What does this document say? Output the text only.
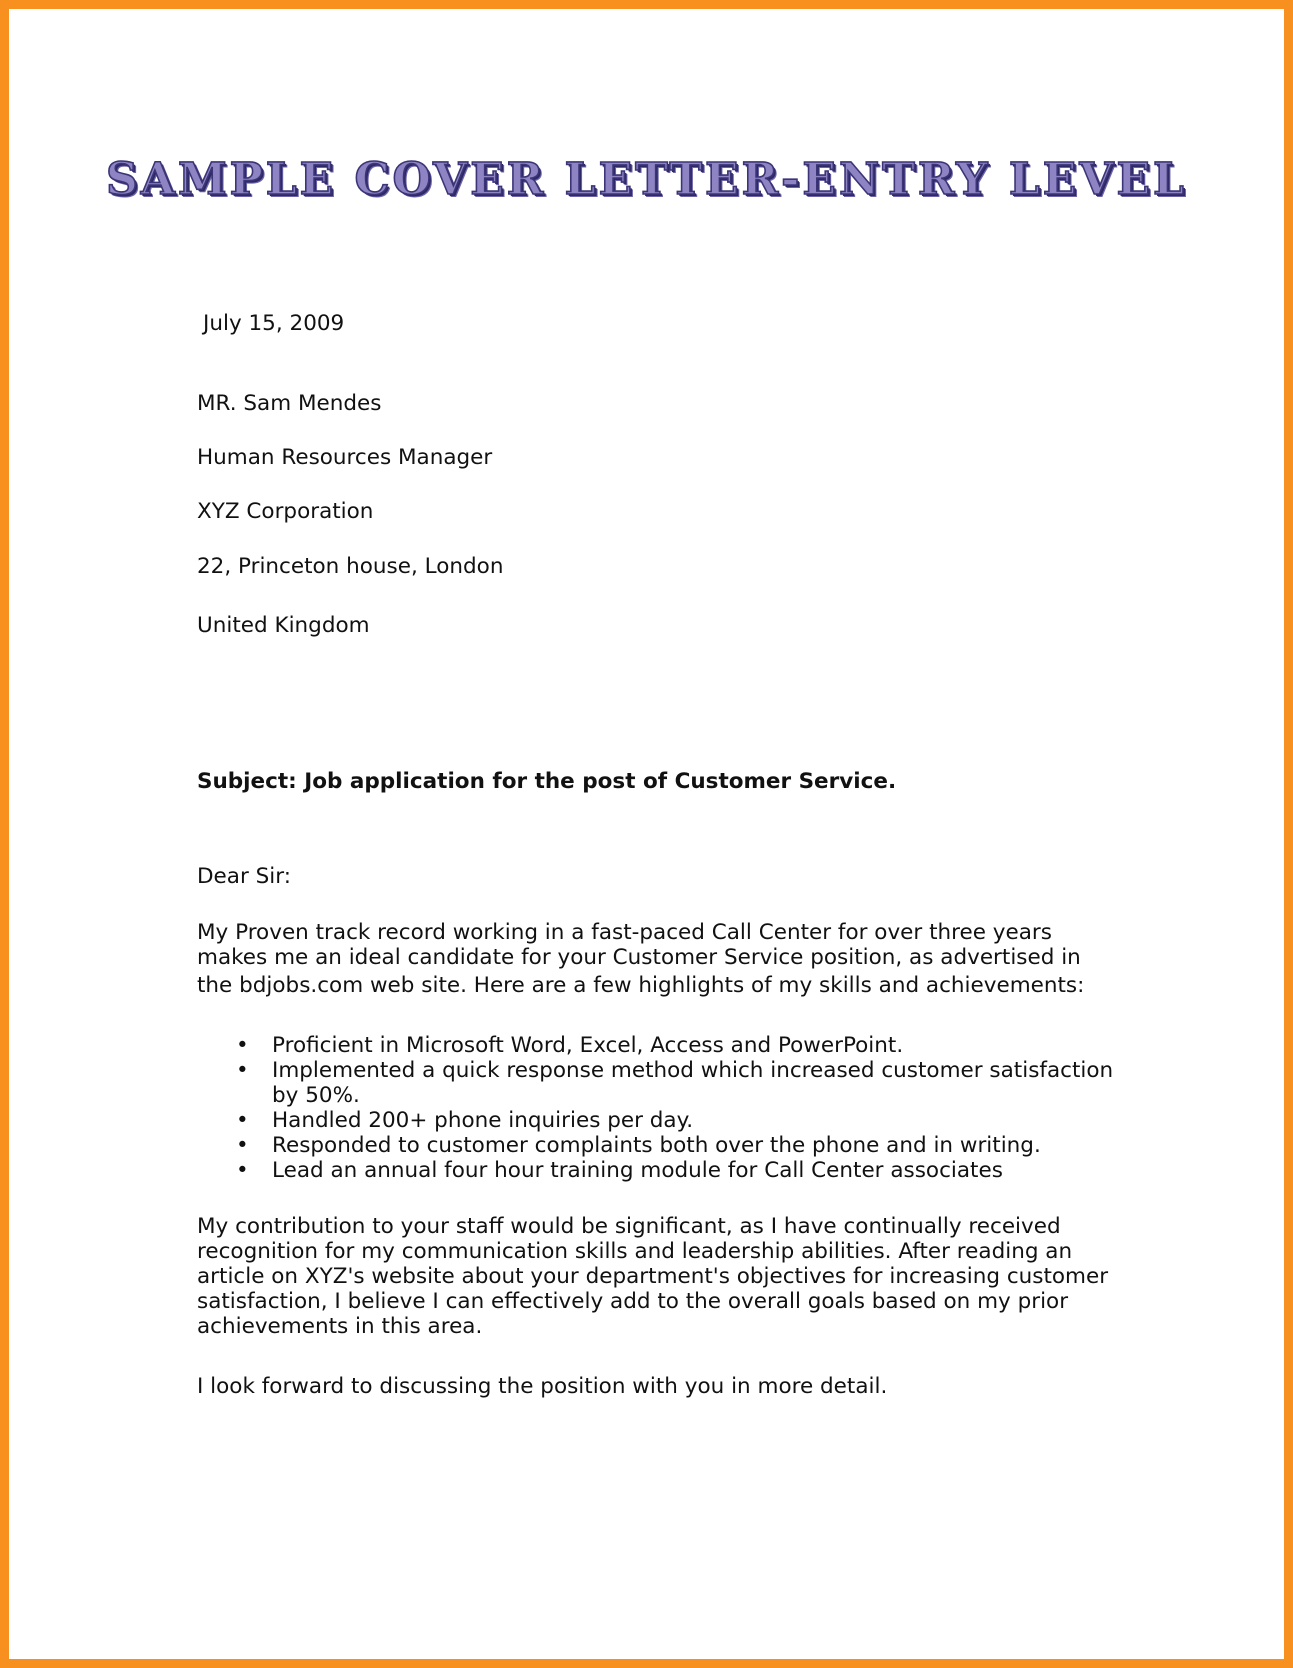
SAMPLE COVER LETTER-ENTRY LEVEL
July 15, 2009
MR. Sam Mendes
Human Resources Manager
XYZ Corporation
22, Princeton house, London
United Kingdom
Subject: Job application for the post of Customer Service.
Dear Sir:
My Proven track record working in a fast-paced Call Center for over three years
makes me an ideal candidate for your Customer Service position, as advertised in
the bdjobs.com web site. Here are a few highlights of my skills and achievements:
• Proficient in Microsoft Word, Excel, Access and PowerPoint.
• Implemented a quick response method which increased customer satisfaction
by 50%.
• Handled 200+ phone inquiries per day.
• Responded to customer complaints both over the phone and in writing.
• Lead an annual four hour training module for Call Center associates
My contribution to your staff would be significant, as I have continually received
recognition for my communication skills and leadership abilities. After reading an
article on XYZ's website about your department's objectives for increasing customer
satisfaction, I believe I can effectively add to the overall goals based on my prior
achievements in this area.
I look forward to discussing the position with you in more detail.
